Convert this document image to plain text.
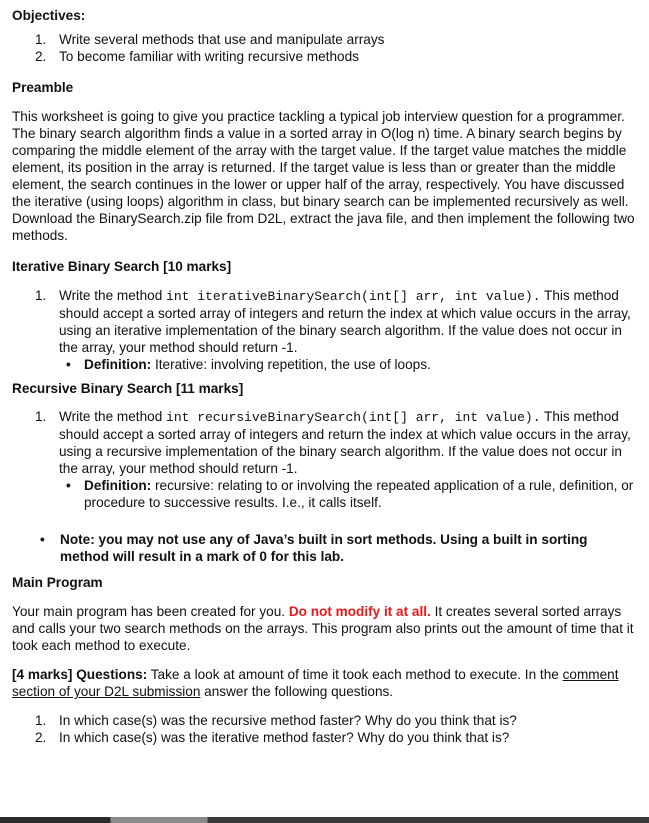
Objectives:

1. Write several methods that use and manipulate arrays
2. To become familiar with writing recursive methods

Preamble

This worksheet is going to give you practice tackling a typical job interview question for a programmer. The binary search algorithm finds a value in a sorted array in O(log n) time. A binary search begins by comparing the middle element of the array with the target value. If the target value matches the middle element, its position in the array is returned. If the target value is less than or greater than the middle element, the search continues in the lower or upper half of the array, respectively. You have discussed the iterative (using loops) algorithm in class, but binary search can be implemented recursively as well. Download the BinarySearch.zip file from D2L, extract the java file, and then implement the following two methods.

Iterative Binary Search [10 marks]

1. Write the method int iterativeBinarySearch(int[] arr, int value). This method should accept a sorted array of integers and return the index at which value occurs in the array, using an iterative implementation of the binary search algorithm. If the value does not occur in the array, your method should return -1.
• Definition: Iterative: involving repetition, the use of loops.

Recursive Binary Search [11 marks]

1. Write the method int recursiveBinarySearch(int[] arr, int value). This method should accept a sorted array of integers and return the index at which value occurs in the array, using a recursive implementation of the binary search algorithm. If the value does not occur in the array, your method should return -1.
• Definition: recursive: relating to or involving the repeated application of a rule, definition, or procedure to successive results. I.e., it calls itself.
• Note: you may not use any of Java’s built in sort methods. Using a built in sorting method will result in a mark of 0 for this lab.

Main Program

Your main program has been created for you. Do not modify it at all. It creates several sorted arrays and calls your two search methods on the arrays. This program also prints out the amount of time that it took each method to execute.

[4 marks] Questions: Take a look at amount of time it took each method to execute. In the comment section of your D2L submission answer the following questions.

1. In which case(s) was the recursive method faster? Why do you think that is?
2. In which case(s) was the iterative method faster? Why do you think that is?
